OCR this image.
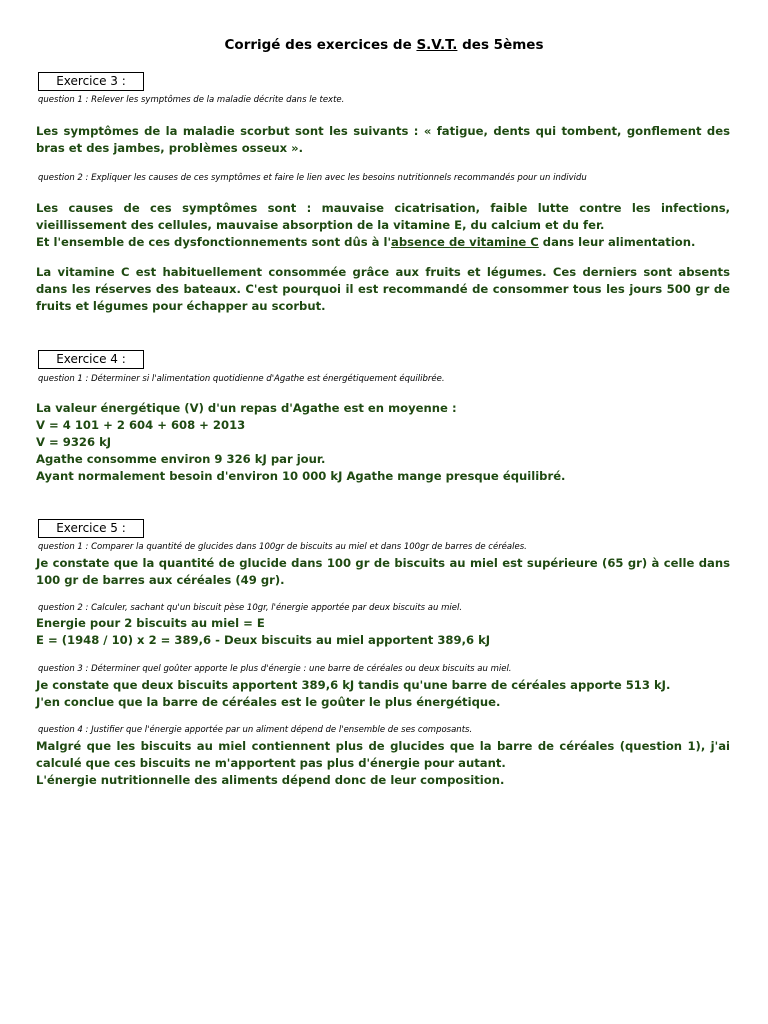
Corrigé des exercices de S.V.T. des 5èmes
Exercice 3 :
question 1 : Relever les symptômes de la maladie décrite dans le texte.

Les symptômes de la maladie scorbut sont les suivants : « fatigue, dents qui tombent, gonflement des bras et des jambes, problèmes osseux ».

question 2 : Expliquer les causes de ces symptômes et faire le lien avec les besoins nutritionnels recommandés pour un individu

Les causes de ces symptômes sont : mauvaise cicatrisation, faible lutte contre les infections, vieillissement des cellules, mauvaise absorption de la vitamine E, du calcium et du fer.

Et l'ensemble de ces dysfonctionnements sont dûs à l'absence de vitamine C dans leur alimentation.

La vitamine C est habituellement consommée grâce aux fruits et légumes. Ces derniers sont absents dans les réserves des bateaux. C'est pourquoi il est recommandé de consommer tous les jours 500 gr de fruits et légumes pour échapper au scorbut.

Exercice 4 :
question 1 : Déterminer si l'alimentation quotidienne d'Agathe est énergétiquement équilibrée.

La valeur énergétique (V) d'un repas d'Agathe est en moyenne :

V = 4 101 + 2 604 + 608 + 2013

V = 9326 kJ

Agathe consomme environ 9 326 kJ par jour.

Ayant normalement besoin d'environ 10 000 kJ Agathe mange presque équilibré.

Exercice 5 :
question 1 : Comparer la quantité de glucides dans 100gr de biscuits au miel et dans 100gr de barres de céréales.

Je constate que la quantité de glucide dans 100 gr de biscuits au miel est supérieure (65 gr) à celle dans 100 gr de barres aux céréales (49 gr).

question 2 : Calculer, sachant qu'un biscuit pèse 10gr, l'énergie apportée par deux biscuits au miel.

Energie pour 2 biscuits au miel = E

E = (1948 / 10) x 2 = 389,6 - Deux biscuits au miel apportent 389,6 kJ

question 3 : Déterminer quel goûter apporte le plus d'énergie : une barre de céréales ou deux biscuits au miel.

Je constate que deux biscuits apportent 389,6 kJ tandis qu'une barre de céréales apporte 513 kJ.

J'en conclue que la barre de céréales est le goûter le plus énergétique.

question 4 : Justifier que l'énergie apportée par un aliment dépend de l'ensemble de ses composants.

Malgré que les biscuits au miel contiennent plus de glucides que la barre de céréales (question 1), j'ai calculé que ces biscuits ne m'apportent pas plus d'énergie pour autant.

L'énergie nutritionnelle des aliments dépend donc de leur composition.
